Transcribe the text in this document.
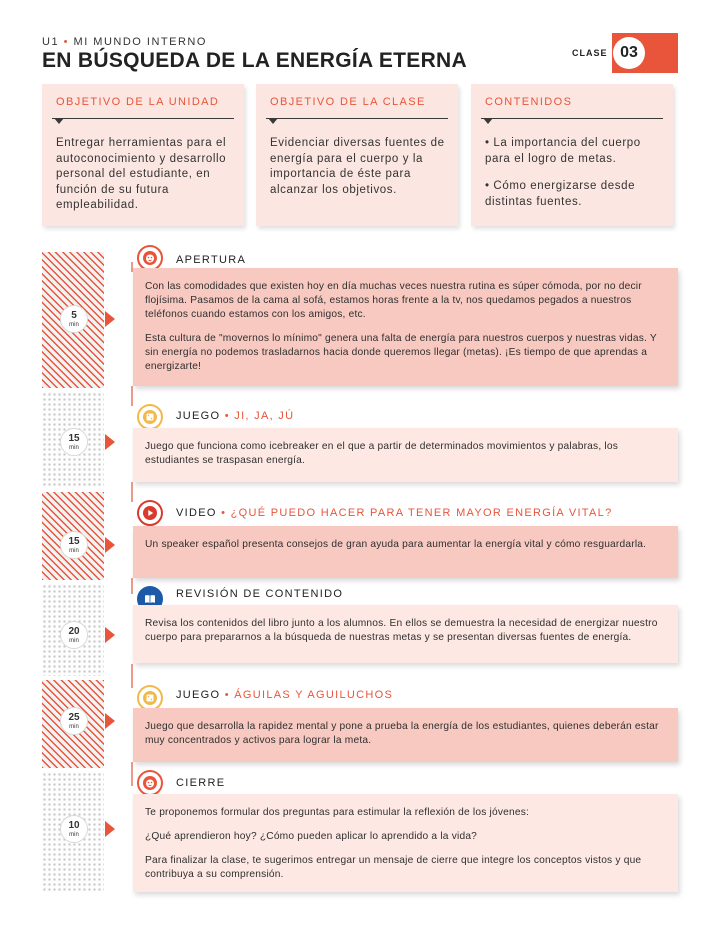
U1 • MI MUNDO INTERNO
EN BÚSQUEDA DE LA ENERGÍA ETERNA	CLASE 03
OBJETIVO DE LA UNIDAD

Entregar herramientas para el autoconocimiento y desarrollo personal del estudiante, en función de su futura empleabilidad.

OBJETIVO DE LA CLASE

Evidenciar diversas fuentes de energía para el cuerpo y la importancia de éste para alcanzar los objetivos.

CONTENIDOS

• La importancia del cuerpo para el logro de metas.

• Cómo energizarse desde distintas fuentes.

5
min
15
min
15
min
20
min
25
min
10
min
APERTURA

Con las comodidades que existen hoy en día muchas veces nuestra rutina es súper cómoda, por no decir flojísima. Pasamos de la cama al sofá, estamos horas frente a la tv, nos quedamos pegados a nuestros teléfonos cuando estamos con los amigos, etc.

Esta cultura de "movernos lo mínimo" genera una falta de energía para nuestros cuerpos y nuestras vidas. Y sin energía no podemos trasladarnos hacia donde queremos llegar (metas). ¡Es tiempo de que aprendas a energizarte!

JUEGO • JI, JA, JÚ

Juego que funciona como icebreaker en el que a partir de determinados movimientos y palabras, los estudiantes se traspasan energía.

VIDEO • ¿QUÉ PUEDO HACER PARA TENER MAYOR ENERGÍA VITAL?

Un speaker español presenta consejos de gran ayuda para aumentar la energía vital y cómo resguardarla.

REVISIÓN DE CONTENIDO

Revisa los contenidos del libro junto a los alumnos. En ellos se demuestra la necesidad de energizar nuestro cuerpo para prepararnos a la búsqueda de nuestras metas y se presentan diversas fuentes de energía.

JUEGO • ÁGUILAS Y AGUILUCHOS

Juego que desarrolla la rapidez mental y pone a prueba la energía de los estudiantes, quienes deberán estar muy concentrados y activos para lograr la meta.

CIERRE

Te proponemos formular dos preguntas para estimular la reflexión de los jóvenes:

¿Qué aprendieron hoy? ¿Cómo pueden aplicar lo aprendido a la vida?

Para finalizar la clase, te sugerimos entregar un mensaje de cierre que integre los conceptos vistos y que contribuya a su comprensión.
